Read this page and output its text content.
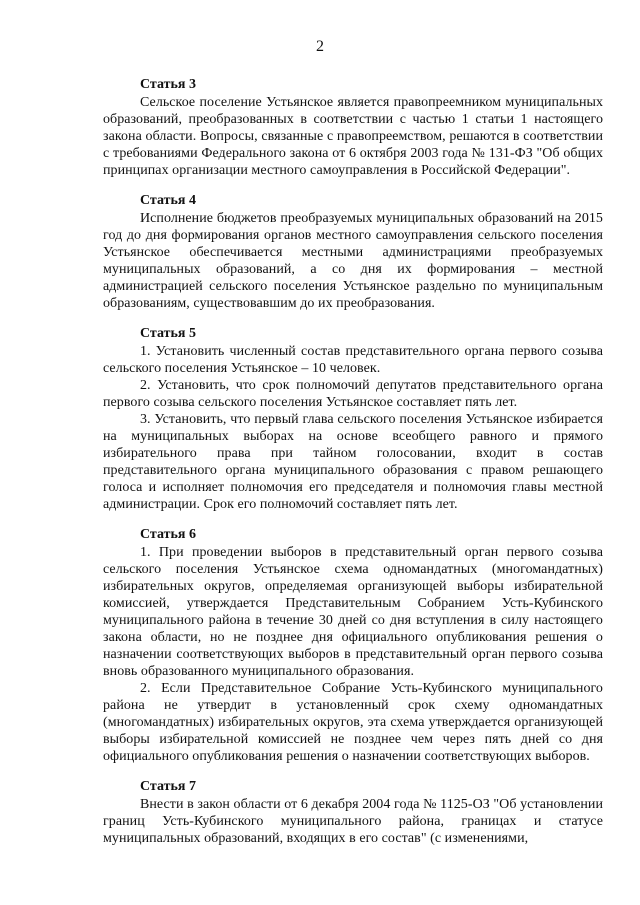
2
Статья 3

Сельское поселение Устьянское является правопреемником муниципальных образований, преобразованных в соответствии с частью 1 статьи 1 настоящего закона области. Вопросы, связанные с правопреемством, решаются в соответствии с требованиями Федерального закона от 6 октября 2003 года № 131-ФЗ "Об общих принципах организации местного самоуправления в Российской Федерации".

Статья 4

Исполнение бюджетов преобразуемых муниципальных образований на 2015 год до дня формирования органов местного самоуправления сельского поселения Устьянское обеспечивается местными администрациями преобразуемых муниципальных образований, а со дня их формирования – местной администрацией сельского поселения Устьянское раздельно по муниципальным образованиям, существовавшим до их преобразования.

Статья 5

1. Установить численный состав представительного органа первого созыва сельского поселения Устьянское – 10 человек.

2. Установить, что срок полномочий депутатов представительного органа первого созыва сельского поселения Устьянское составляет пять лет.

3. Установить, что первый глава сельского поселения Устьянское избирается на муниципальных выборах на основе всеобщего равного и прямого избирательного права при тайном голосовании, входит в состав представительного органа муниципального образования с правом решающего голоса и исполняет полномочия его председателя и полномочия главы местной администрации. Срок его полномочий составляет пять лет.

Статья 6

1. При проведении выборов в представительный орган первого созыва сельского поселения Устьянское схема одномандатных (многомандатных) избирательных округов, определяемая организующей выборы избирательной комиссией, утверждается Представительным Собранием Усть-Кубинского муниципального района в течение 30 дней со дня вступления в силу настоящего закона области, но не позднее дня официального опубликования решения о назначении соответствующих выборов в представительный орган первого созыва вновь образованного муниципального образования.

2. Если Представительное Собрание Усть-Кубинского муниципального района не утвердит в установленный срок схему одномандатных (многомандатных) избирательных округов, эта схема утверждается организующей выборы избирательной комиссией не позднее чем через пять дней со дня официального опубликования решения о назначении соответствующих выборов.

Статья 7

Внести в закон области от 6 декабря 2004 года № 1125-ОЗ "Об установлении границ Усть-Кубинского муниципального района, границах и статусе муниципальных образований, входящих в его состав" (с изменениями,
